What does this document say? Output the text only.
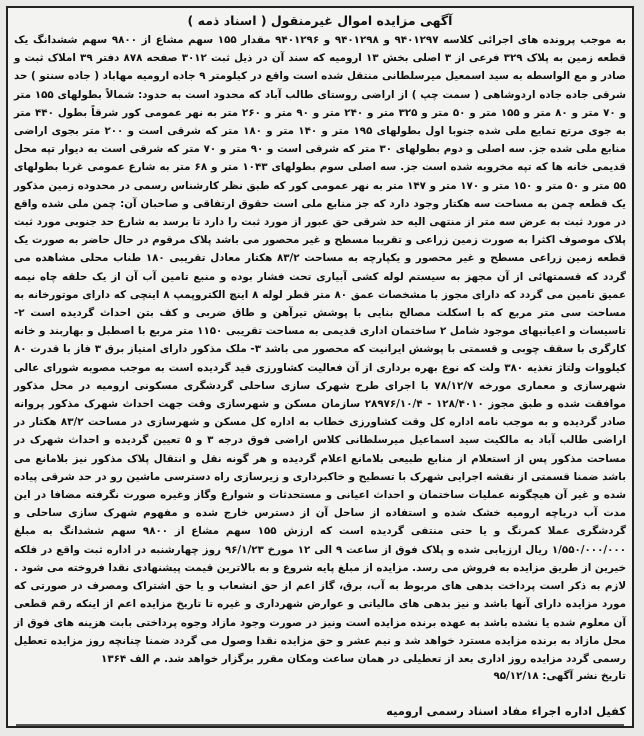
آگهی مزایده اموال غیرمنقول ( اسناد ذمه )
به موجب پرونده های اجرائی کلاسه ۹۴۰۱۲۹۷ و ۹۴۰۱۲۹۸ و ۹۴۰۱۲۹۶ مقدار ۱۵۵ سهم مشاع از ۹۸۰۰ سهم ششدانگ یک قطعه زمین به پلاک ۳۲۹ فرعی از ۳ اصلی بخش ۱۳ ارومیه که سند آن در ذیل ثبت ۳۰۱۲ صفحه ۸۷۸ دفتر ۳۹ املاک ثبت و صادر و مع الواسطه به سید اسمعیل میرسلطانی منتقل شده است واقع در کیلومتر ۹ جاده ارومیه مهاباد ( جاده سنتو ) حد شرقی جاده جاده اردوشاهی ( سمت چپ ) از اراضی روستای طالب آباد که محدود است به حدود: شمالاً بطولهای ۱۵۵ متر و ۷۰ متر و ۸۰ متر و ۱۵۵ متر و ۵۰ متر و ۳۲۵ متر و ۲۴۰ متر و ۹۰ متر و ۲۶۰ متر به نهر عمومی کور شرقاً بطول ۴۴۰ متر به جوی مرتع تمایع ملی شده جنوبا اول بطولهای ۱۹۵ متر و ۱۴۰ متر و ۱۸۰ متر که شرقی است و ۲۰۰ متر بجوی اراضی منابع ملی شده جز. سه اصلی و دوم بطولهای ۳۰ متر که شرقی است و ۹۰ متر و ۷۰ متر که شرقی است به دیوار تپه محل قدیمی خانه ها که تپه مخروبه شده است جز. سه اصلی سوم بطولهای ۱۰۴۳ متر و ۶۸ متر به شارع عمومی غربا بطولهای ۵۵ متر و ۵۰ متر و ۱۵۰ متر و ۱۷۰ متر و ۱۴۷ متر به نهر عمومی کور که طبق نظر کارشناس رسمی در محدوده زمین مذکور یک قطعه چمن به مساحت سه هکتار وجود دارد که جز منابع ملی است حقوق ارتفاقی و صاحبان آن: چمن ملی شده واقع در مورد ثبت به عرض سه متر از منتهی الیه حد شرقی حق عبور از مورد ثبت را دارد تا برسد به شارع حد جنوبی مورد ثبت پلاک موصوف اکثرا به صورت زمین زراعی و تقریبا مسطح و غیر محصور می باشد پلاک مرقوم در حال حاضر به صورت یک قطعه زمین زراعی مسطح و غیر محصور و یکپارچه به مساحت ۸۳/۲ هکتار معادل تقریبی ۱۸۰ طناب محلی مشاهده می گردد که قسمتهائی از آن مجهز به سیستم لوله کشی آبیاری تحت فشار بوده و منبع تامین آب آن از یک حلقه چاه نیمه عمیق تامین می گردد که دارای مجوز با مشخصات عمق ۸۰ متر قطر لوله ۸ اینچ الکتروپمپ ۸ اینچی که دارای موتورخانه به مساحت سی متر مربع که با اسکلت مصالح بنایی با پوشش تیرآهن و طاق ضربی و کف بتن احداث گردیده است ۲- تاسیسات و اعیانیهای موجود شامل ۲ ساختمان اداری قدیمی به مساحت تقریبی ۱۱۵۰ متر مربع با اصطبل و بهاربند و خانه کارگری با سقف چوبی و قسمتی با پوشش ایرانیت که محصور می باشد ۳- ملک مذکور دارای امتیاز برق ۳ فاز با قدرت ۸۰ کیلووات ولتاژ تغذیه ۳۸۰ ولت که نوع بهره برداری از آن فعالیت کشاورزی قید گردیده است به موجب مصوبه شورای عالی شهرسازی و معماری مورخه ۷۸/۱۲/۷ با اجرای طرح شهرک سازی ساحلی گردشگری مسکونی ارومیه در محل مذکور موافقت شده و طبق مجوز ۱۲۸/۴۰۱۰ - ۲۸۹۷۶/۱۰/۴ سازمان مسکن و شهرسازی وقت جهت احداث شهرک مذکور پروانه صادر گردیده و به موجب نامه اداره کل وقت کشاورزی خطاب به اداره کل مسکن و شهرسازی در مساحت ۸۳/۲ هکتار در اراضی طالب آباد به مالکیت سید اسماعیل میرسلطانی کلاس اراضی فوق درجه ۳ و ۵ تعیین گردیده و احداث شهرک در مساحت مذکور پس از استعلام از منابع طبیعی بلامانع اعلام گردیده و هر گونه نقل و انتقال پلاک مذکور نیز بلامانع می باشد ضمنا قسمتی از نقشه اجرایی شهرک با تسطیح و خاکبرداری و زیرسازی راه دسترسی ماشین رو در حد شرقی پیاده شده و غیر آن هیچگونه عملیات ساختمان و احداث اعیانی و مستحدثات و شوارع وگاز وغیره صورت نگرفته مضافا در این مدت آب دریاچه ارومیه خشک شده و استفاده از ساحل آن از دسترس خارج شده و مفهوم شهرک سازی ساحلی و گردشگری عملا کمرنگ و یا حتی منتفی گردیده است که ارزش ۱۵۵ سهم مشاع از ۹۸۰۰ سهم ششدانگ به مبلغ ۱/۵۵۰/۰۰۰/۰۰۰ ریال ارزیابی شده و پلاک فوق از ساعت ۹ الی ۱۲ مورخ ۹۶/۱/۲۳ روز چهارشنبه در اداره ثبت واقع در فلکه خیرین از طریق مزایده به فروش می رسد. مزایده از مبلغ پایه شروع و به بالاترین قیمت پیشنهادی نقدا فروخته می شود . لازم به ذکر است پرداخت بدهی های مربوط به آب، برق، گاز اعم از حق انشعاب و یا حق اشتراک ومصرف در صورتی که مورد مزایده دارای آنها باشد و نیز بدهی های مالیاتی و عوارض شهرداری و غیره تا تاریخ مزایده اعم از اینکه رقم قطعی آن معلوم شده یا نشده باشد به عهده برنده مزایده است ونیز در صورت وجود مازاد وجوه پرداختی بابت هزینه های فوق از محل مازاد به برنده مزایده مسترد خواهد شد و نیم عشر و حق مزایده نقدا وصول می گردد ضمنا چنانچه روز مزایده تعطیل رسمی گردد مزایده روز اداری بعد از تعطیلی در همان ساعت ومکان مقرر برگزار خواهد شد. م الف ۱۳۶۴
تاریخ نشر آگهی: ۹۵/۱۲/۱۸
کفیل اداره اجراء مفاد اسناد رسمی ارومیه
